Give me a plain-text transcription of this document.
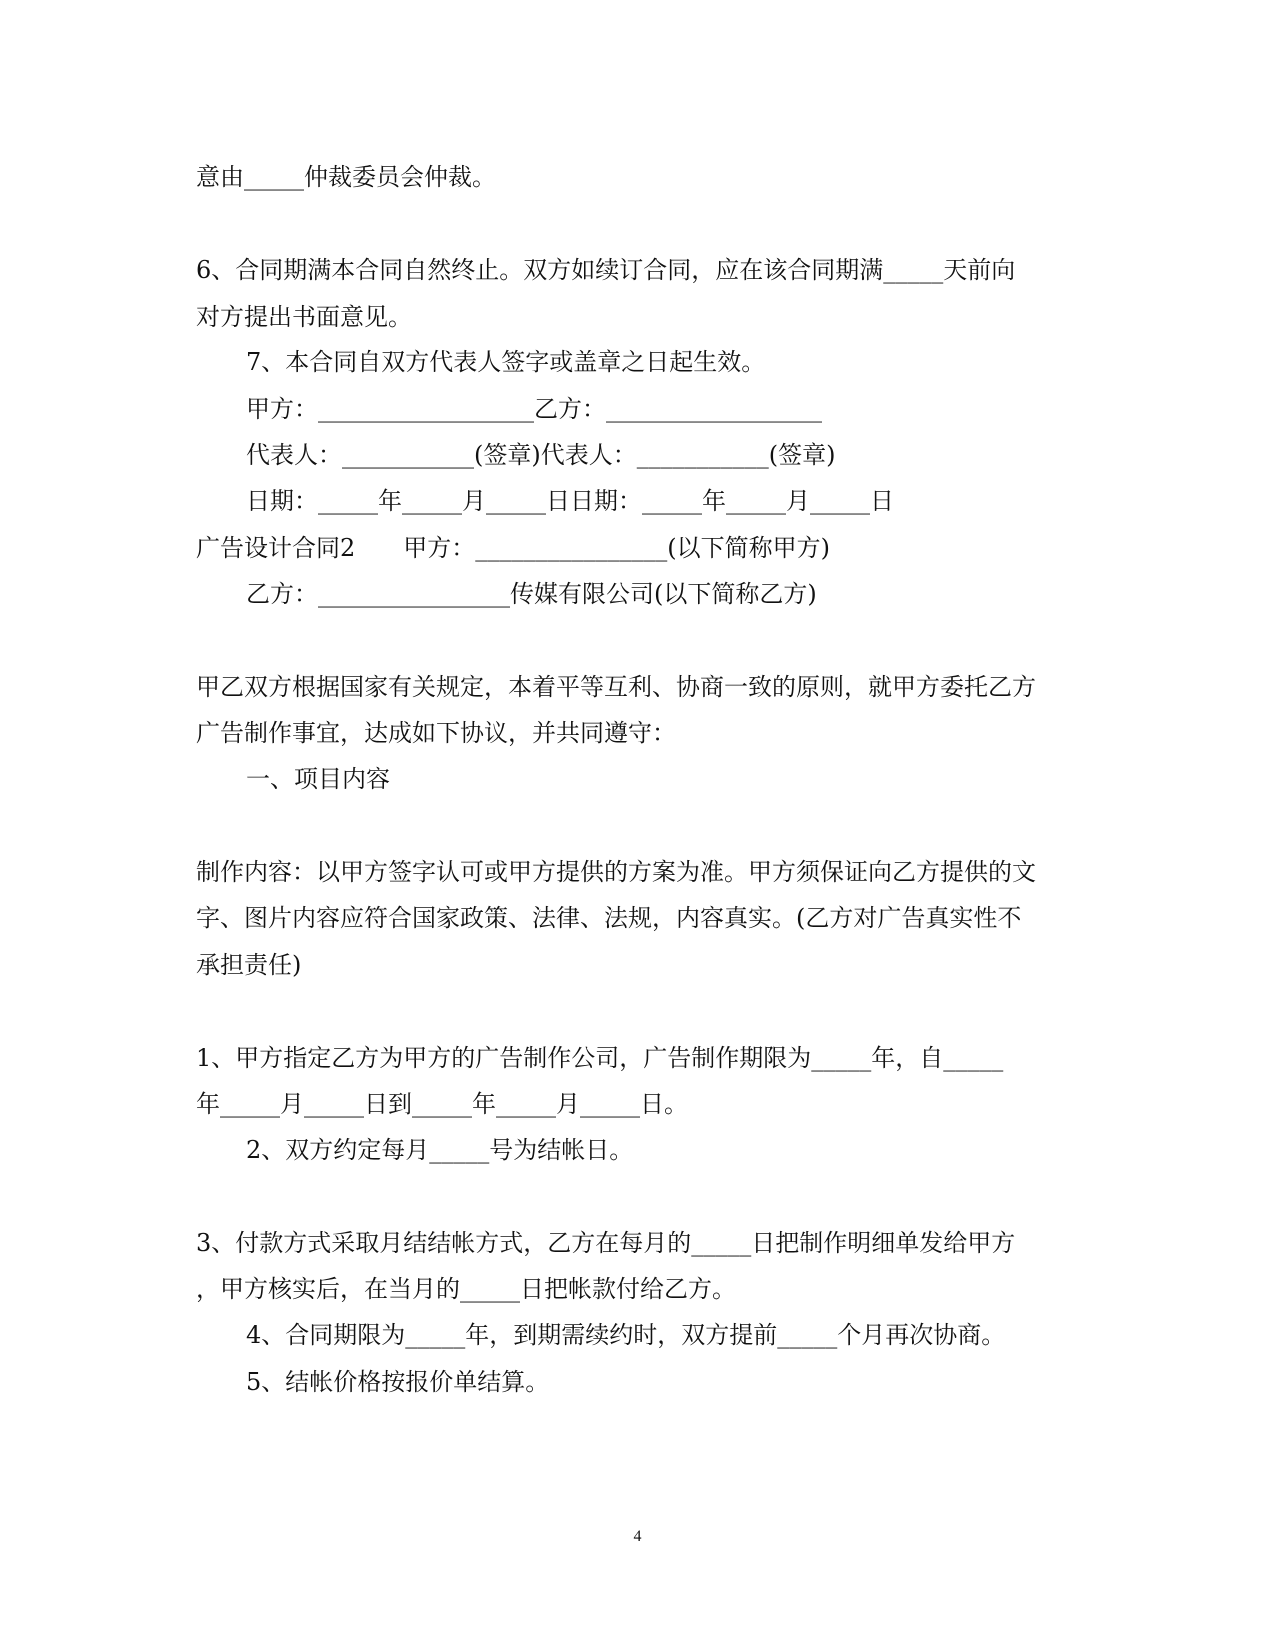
意由_____仲裁委员会仲裁。
6、合同期满本合同自然终止。双方如续订合同，应在该合同期满_____天前向
对方提出书面意见。
7、本合同自双方代表人签字或盖章之日起生效。
甲方：__________________乙方：__________________
代表人：___________(签章)代表人：___________(签章)
日期：_____年_____月_____日日期：_____年_____月_____日
广告设计合同2　　甲方：________________(以下简称甲方)
乙方：________________传媒有限公司(以下简称乙方)
甲乙双方根据国家有关规定，本着平等互利、协商一致的原则，就甲方委托乙方
广告制作事宜，达成如下协议，并共同遵守：
一、项目内容
制作内容：以甲方签字认可或甲方提供的方案为准。甲方须保证向乙方提供的文
字、图片内容应符合国家政策、法律、法规，内容真实。(乙方对广告真实性不
承担责任)
1、甲方指定乙方为甲方的广告制作公司，广告制作期限为_____年，自_____
年_____月_____日到_____年_____月_____日。
2、双方约定每月_____号为结帐日。
3、付款方式采取月结结帐方式，乙方在每月的_____日把制作明细单发给甲方
，甲方核实后，在当月的_____日把帐款付给乙方。
4、合同期限为_____年，到期需续约时，双方提前_____个月再次协商。
5、结帐价格按报价单结算。
4
